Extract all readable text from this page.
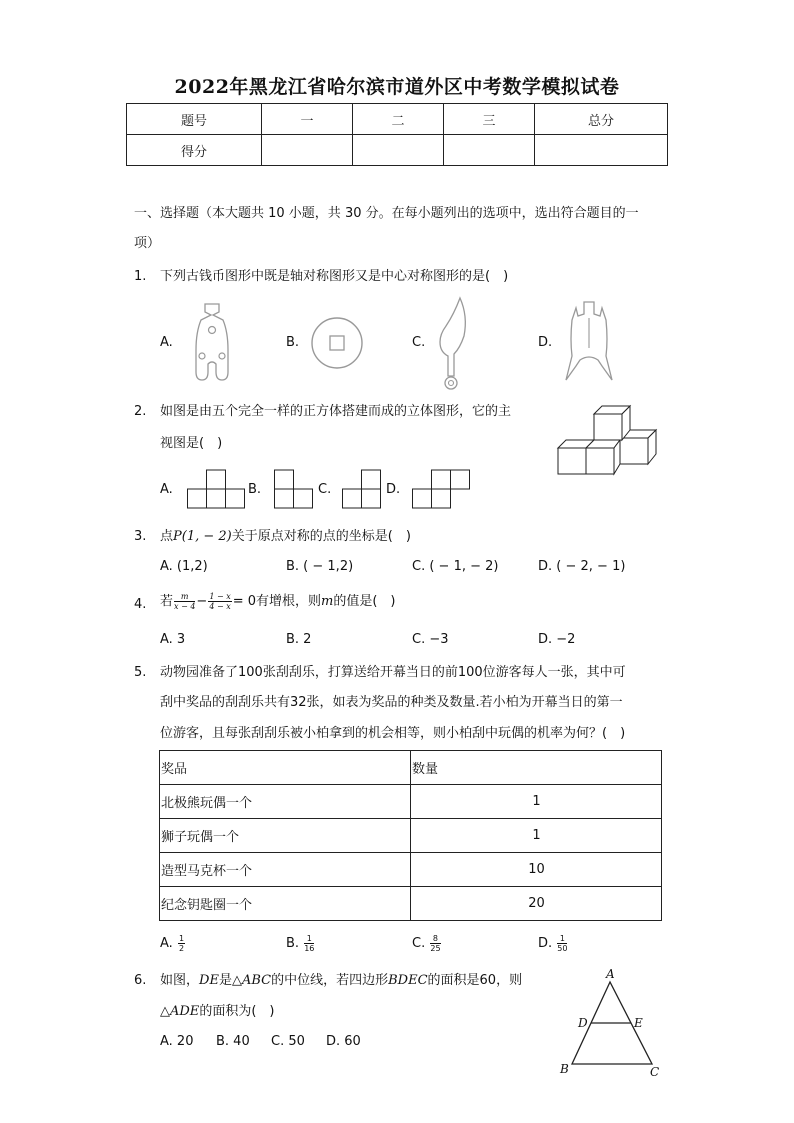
2022年黑龙江省哈尔滨市道外区中考数学模拟试卷
题号	一	二	三	总分
得分				
一、选择题（本大题共 10 小题，共 30 分。在每小题列出的选项中，选出符合题目的一
项）
1. 下列古钱币图形中既是轴对称图形又是中心对称图形的是(　)
A.	B.	C.	D.
2. 如图是由五个完全一样的正方体搭建而成的立体图形，它的主
视图是(　)
A.	B.	C.	D.
3. 点P(1, − 2)关于原点对称的点的坐标是(　)
A. (1,2)	B. ( − 1,2)	C. ( − 1, − 2)	D. ( − 2, − 1)
4. 若 $\frac{m}{x - 4} - \frac{1 - x}{4 - x} = 0$有增根，则m的值是(　)
A. 3	B. 2	C. −3	D. −2
5. 动物园准备了100张刮刮乐，打算送给开幕当日的前100位游客每人一张，其中可
刮中奖品的刮刮乐共有32张，如表为奖品的种类及数量.若小柏为开幕当日的第一
位游客，且每张刮刮乐被小柏拿到的机会相等，则小柏刮中玩偶的机率为何？(　)
奖品	数量
北极熊玩偶一个	1
狮子玩偶一个	1
造型马克杯一个	10
纪念钥匙圈一个	20
A. $\frac{1}{2}$	B. $\frac{1}{16}$	C. $\frac{8}{25}$	D. $\frac{1}{50}$
6. 如图，DE是△ABC的中位线，若四边形BDEC的面积是60，则
△ADE的面积为(　)
A. 20 B. 40 C. 50 D. 60
A
D	E
B	C
